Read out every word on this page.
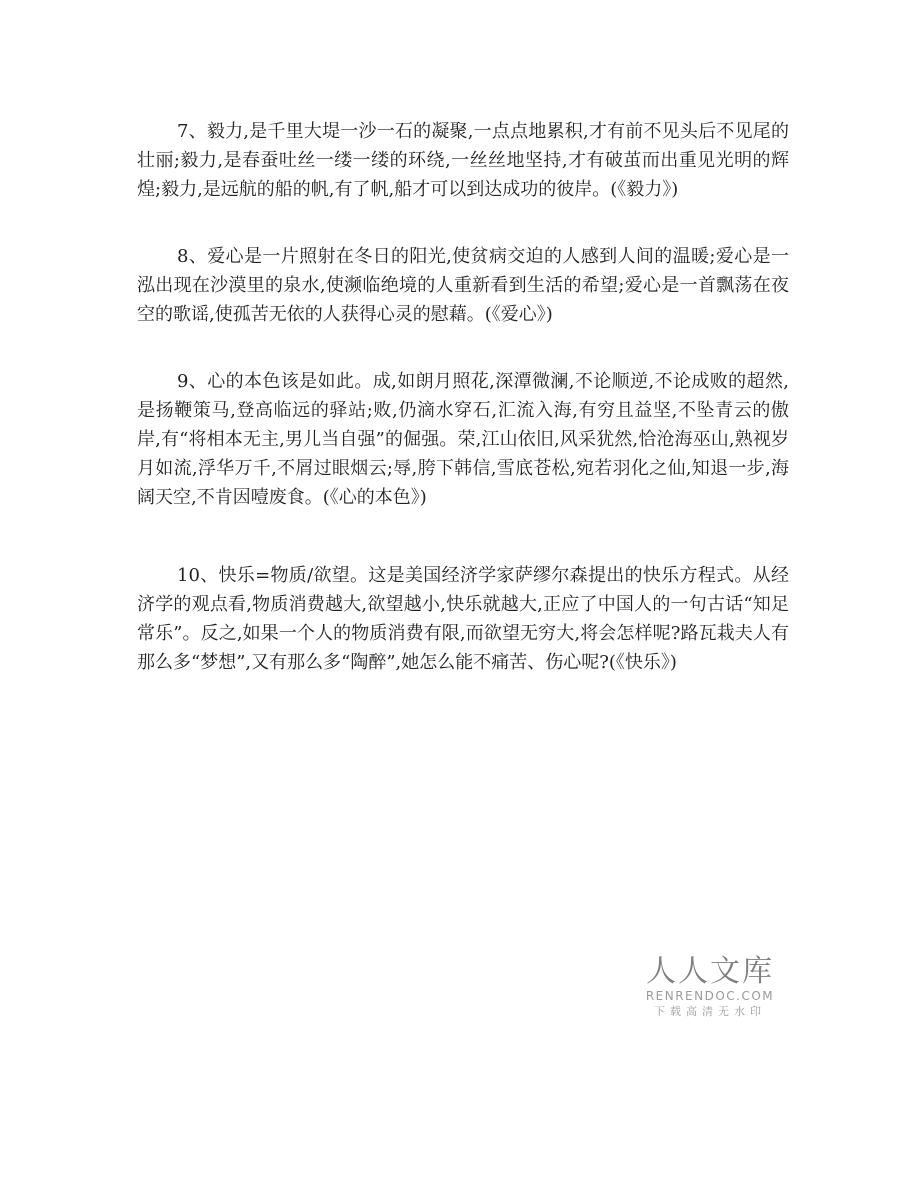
7、毅力,是千里大堤一沙一石的凝聚,一点点地累积,才有前不见头后不见尾的壮丽;毅力,是春蚕吐丝一缕一缕的环绕,一丝丝地坚持,才有破茧而出重见光明的辉煌;毅力,是远航的船的帆,有了帆,船才可以到达成功的彼岸。(《毅力》)

8、爱心是一片照射在冬日的阳光,使贫病交迫的人感到人间的温暖;爱心是一泓出现在沙漠里的泉水,使濒临绝境的人重新看到生活的希望;爱心是一首飘荡在夜空的歌谣,使孤苦无依的人获得心灵的慰藉。(《爱心》)

9、心的本色该是如此。成,如朗月照花,深潭微澜,不论顺逆,不论成败的超然,是扬鞭策马,登高临远的驿站;败,仍滴水穿石,汇流入海,有穷且益坚,不坠青云的傲岸,有“将相本无主,男儿当自强”的倔强。荣,江山依旧,风采犹然,恰沧海巫山,熟视岁月如流,浮华万千,不屑过眼烟云;辱,胯下韩信,雪底苍松,宛若羽化之仙,知退一步,海阔天空,不肯因噎废食。(《心的本色》)

10、快乐=物质/欲望。这是美国经济学家萨缪尔森提出的快乐方程式。从经济学的观点看,物质消费越大,欲望越小,快乐就越大,正应了中国人的一句古话“知足常乐”。反之,如果一个人的物质消费有限,而欲望无穷大,将会怎样呢?路瓦栽夫人有那么多“梦想”,又有那么多“陶醉”,她怎么能不痛苦、伤心呢?(《快乐》)

人人文库
RENRENDOC.COM
下载高清无水印
